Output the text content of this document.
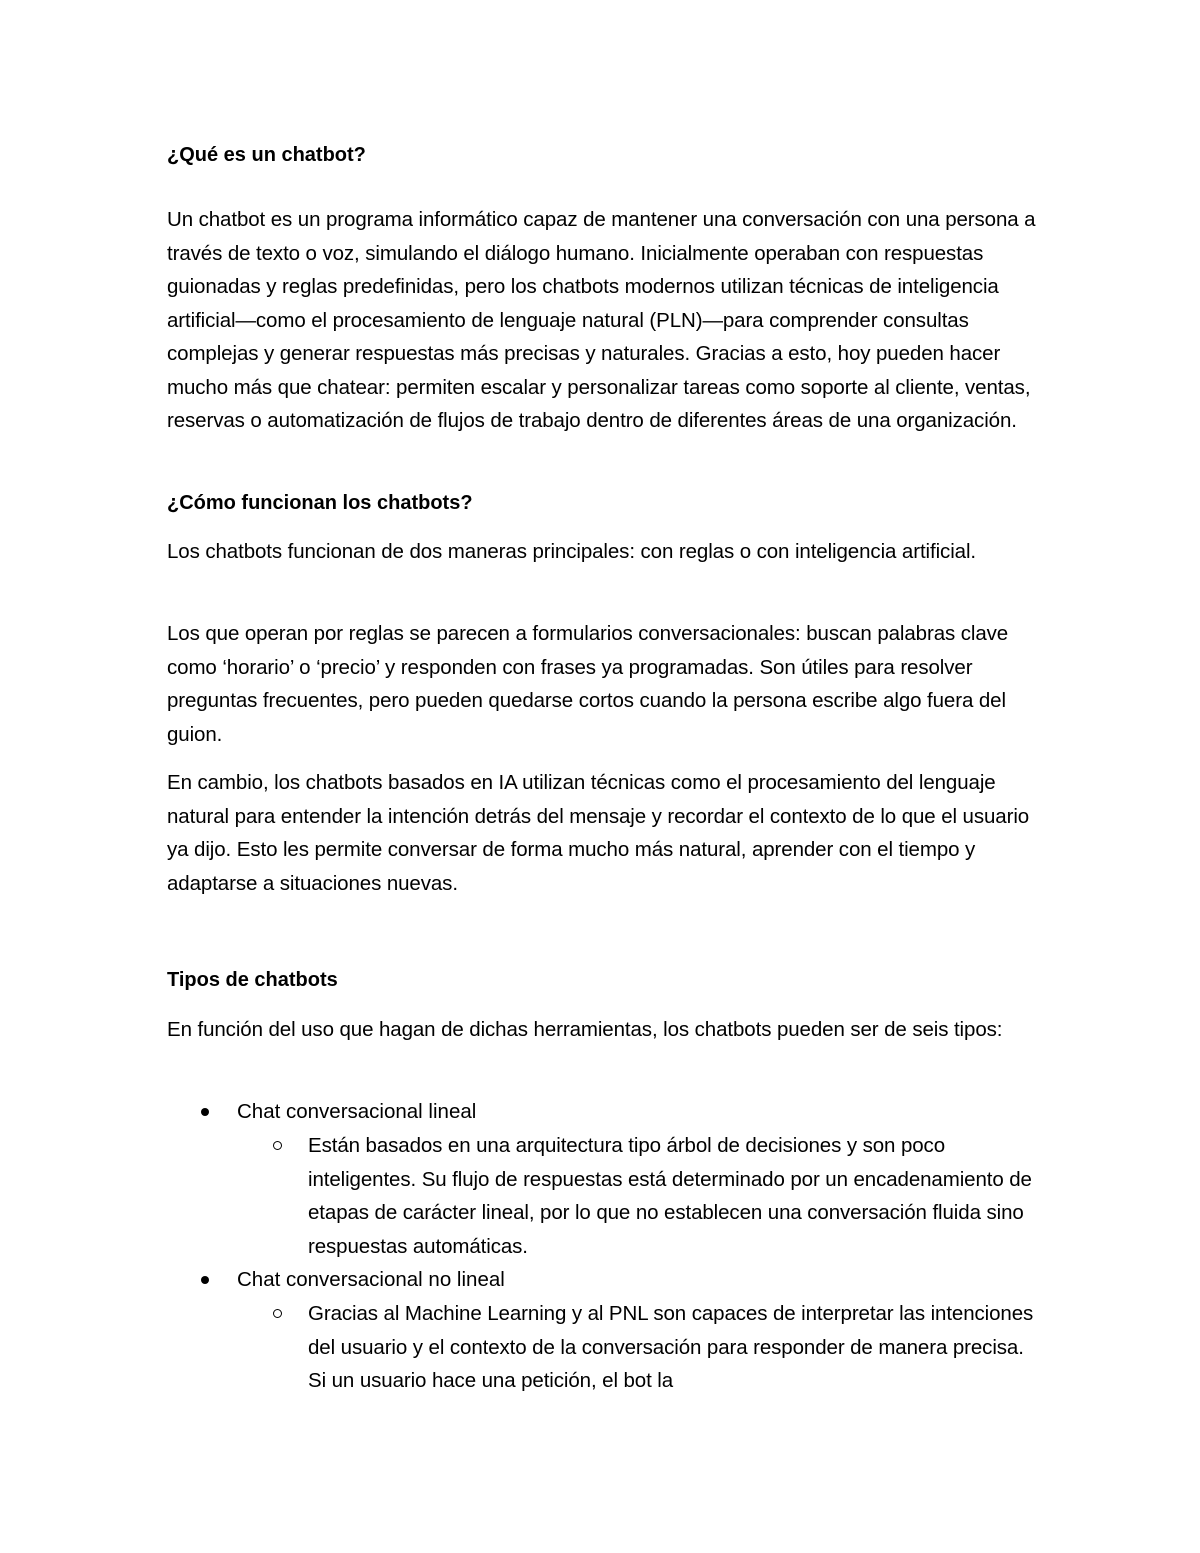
¿Qué es un chatbot?

Un chatbot es un programa informático capaz de mantener una conversación con una persona a través de texto o voz, simulando el diálogo humano. Inicialmente operaban con respuestas guionadas y reglas predefinidas, pero los chatbots modernos utilizan técnicas de inteligencia artificial—como el procesamiento de lenguaje natural (PLN)—para comprender consultas complejas y generar respuestas más precisas y naturales. Gracias a esto, hoy pueden hacer mucho más que chatear: permiten escalar y personalizar tareas como soporte al cliente, ventas, reservas o automatización de flujos de trabajo dentro de diferentes áreas de una organización.

¿Cómo funcionan los chatbots?

Los chatbots funcionan de dos maneras principales: con reglas o con inteligencia artificial.

Los que operan por reglas se parecen a formularios conversacionales: buscan palabras clave como ‘horario’ o ‘precio’ y responden con frases ya programadas. Son útiles para resolver preguntas frecuentes, pero pueden quedarse cortos cuando la persona escribe algo fuera del guion.

En cambio, los chatbots basados en IA utilizan técnicas como el procesamiento del lenguaje natural para entender la intención detrás del mensaje y recordar el contexto de lo que el usuario ya dijo. Esto les permite conversar de forma mucho más natural, aprender con el tiempo y adaptarse a situaciones nuevas.

Tipos de chatbots

En función del uso que hagan de dichas herramientas, los chatbots pueden ser de seis tipos:

Chat conversacional lineal

Están basados en una arquitectura tipo árbol de decisiones y son poco inteligentes. Su flujo de respuestas está determinado por un encadenamiento de etapas de carácter lineal, por lo que no establecen una conversación fluida sino respuestas automáticas.

Chat conversacional no lineal

Gracias al Machine Learning y al PNL son capaces de interpretar las intenciones del usuario y el contexto de la conversación para responder de manera precisa. Si un usuario hace una petición, el bot la
